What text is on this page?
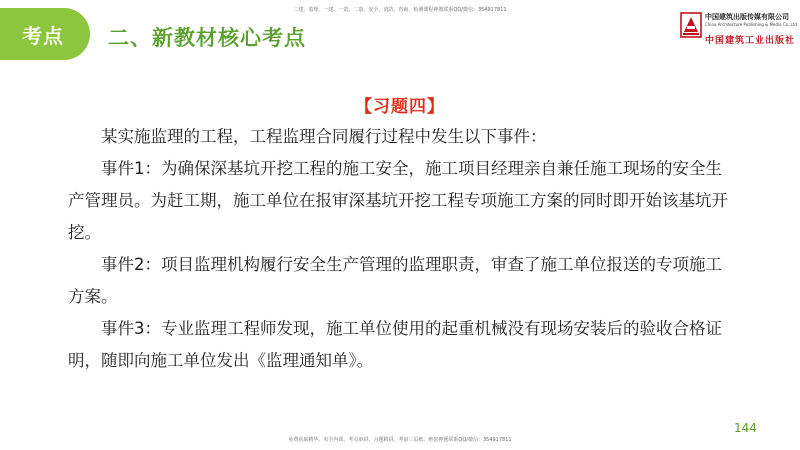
二建、监理、一建、一造、二造、安全、消防、咨询、检测课程神器联系QQ/微信：354917811
考点 二、新教材核心考点
中国建筑出版传媒有限公司
China Architecture Publishing & Media Co.,Ltd.
中国建筑工业出版社
【习题四】

某实施监理的工程，工程监理合同履行过程中发生以下事件：

事件1：为确保深基坑开挖工程的施工安全，施工项目经理亲自兼任施工现场的安全生产管理员。为赶工期，施工单位在报审深基坑开挖工程专项施工方案的同时即开始该基坑开挖。

事件2：项目监理机构履行安全生产管理的监理职责，审查了施工单位报送的专项施工方案。

事件3：专业监理工程师发现，施工单位使用的起重机械没有现场安装后的验收合格证明，随即向施工单位发出《监理通知单》。

144
免费获取精华、夹全内训、考点串讲、习题精讲、考前三页纸、绝密押题联系QQ/微信：354917811
